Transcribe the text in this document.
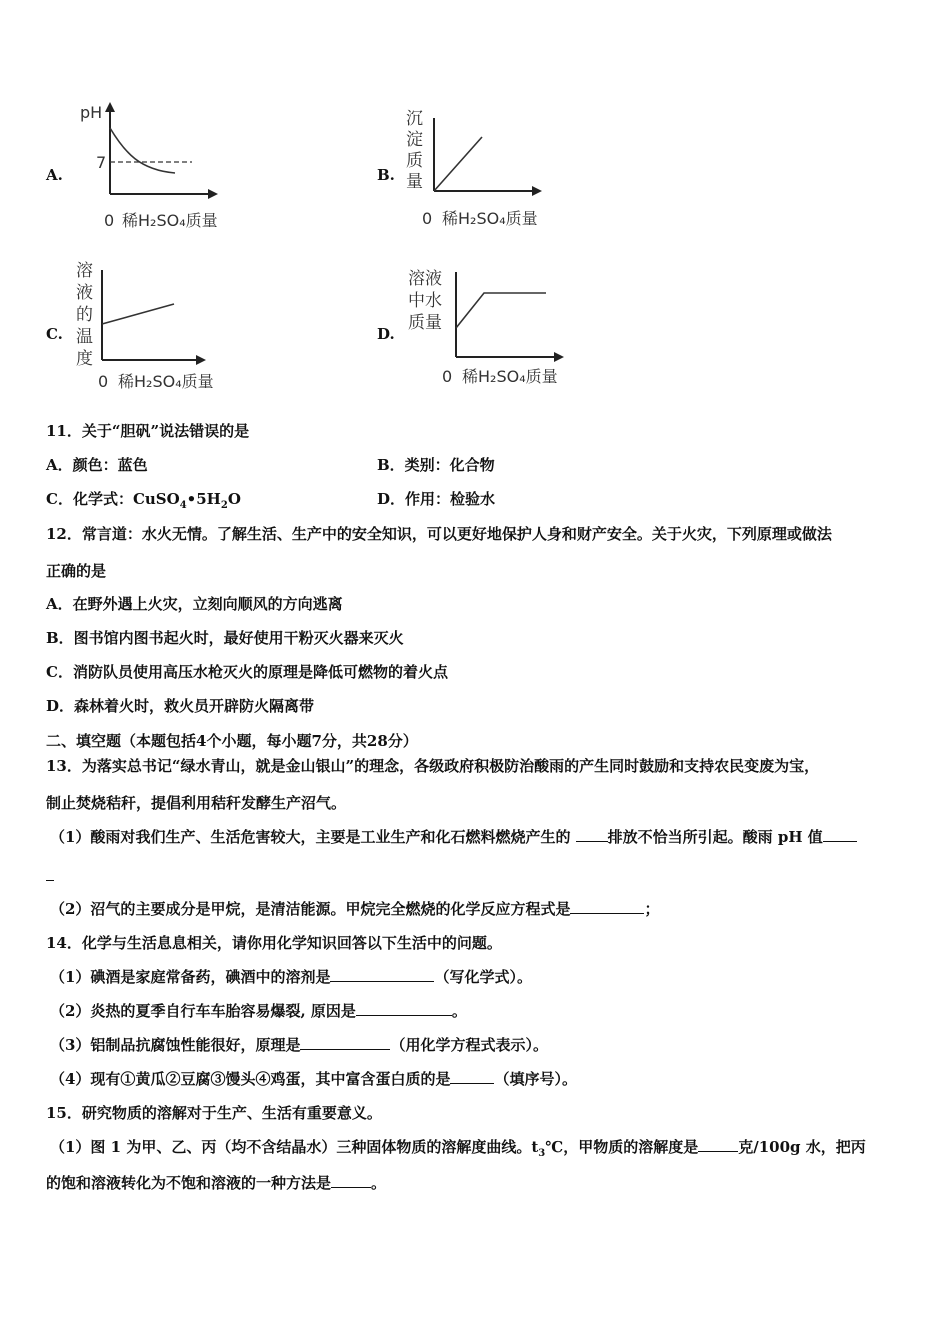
A.
pH
7
0 稀H₂SO₄质量
B.
沉
淀
质
量
0 稀H₂SO₄质量
C.
溶
液
的
温
度
0 稀H₂SO₄质量
D.
溶液
中水
质量
0 稀H₂SO₄质量
11．关于“胆矾”说法错误的是
A．颜色：蓝色	B．类别：化合物
C．化学式：$CuSO_4•5H_2O$	D．作用：检验水
12．常言道：水火无情。了解生活、生产中的安全知识，可以更好地保护人身和财产安全。关于火灾，下列原理或做法
正确的是
A．在野外遇上火灾，立刻向顺风的方向逃离
B．图书馆内图书起火时，最好使用干粉灭火器来灭火
C．消防队员使用高压水枪灭火的原理是降低可燃物的着火点
D．森林着火时，救火员开辟防火隔离带
二、填空题（本题包括4个小题，每小题7分，共28分）
13．为落实总书记“绿水青山，就是金山银山”的理念，各级政府积极防治酸雨的产生同时鼓励和支持农民变废为宝，
制止焚烧秸秆，提倡利用秸秆发酵生产沼气。
（1）酸雨对我们生产、生活危害较大，主要是工业生产和化石燃料燃烧产生的 排放不恰当所引起。酸雨 pH 值
（2）沼气的主要成分是甲烷，是清洁能源。甲烷完全燃烧的化学反应方程式是	；
14．化学与生活息息相关，请你用化学知识回答以下生活中的问题。
（1）碘酒是家庭常备药，碘酒中的溶剂是	（写化学式）。
（2）炎热的夏季自行车车胎容易爆裂, 原因是	。
（3）铝制品抗腐蚀性能很好，原理是	（用化学方程式表示）。
（4）现有①黄瓜②豆腐③馒头④鸡蛋，其中富含蛋白质的是	（填序号）。
15．研究物质的溶解对于生产、生活有重要意义。
（1）图 1 为甲、乙、丙（均不含结晶水）三种固体物质的溶解度曲线。$t_3℃$，甲物质的溶解度是	克/100g 水，把丙
的饱和溶液转化为不饱和溶液的一种方法是	。
